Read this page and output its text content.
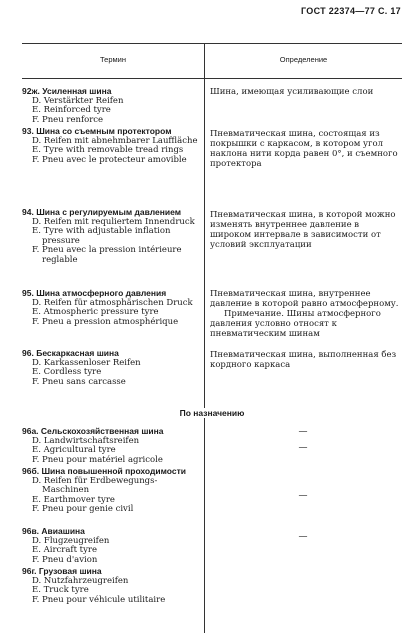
ГОСТ 22374—77 С. 17
Термин	Определение
92ж. Усиленная шина
D. Verstärkter Reifen
E. Reinforced tyre
F. Pneu renforce
Шина, имеющая усиливающие слои
93. Шина со съемным протектором
D. Reifen mit abnehmbarer Lauffläche
E. Tyre with removable tread rings
F. Pneu avec le protecteur amovible
Пневматическая шина, состоящая из покрышки с каркасом, в котором угол наклона нити корда равен 0°, и съемного протектора
94. Шина с регулируемым давлением
D. Reifen mit requliertem Innendruck
E. Tyre with adjustable inflation pressure
F. Pneu avec la pression intérieure reglable
Пневматическая шина, в которой можно изменять внутреннее давление в широком интервале в зависимости от условий эксплуатации
95. Шина атмосферного давления
D. Reifen für atmosphärischen Druck
E. Atmospheric pressure tyre
F. Pneu a pression atmosphérique
Пневматическая шина, внутреннее давление в которой равно атмосферному.
Примечание. Шины атмосферного давления условно относят к пневматическим шинам
96. Бескаркасная шина
D. Karkassenloser Reifen
E. Cordless tyre
F. Pneu sans carcasse
Пневматическая шина, выполненная без кордного каркаса
По назначению
96а. Сельскохозяйственная шина
D. Landwirtschaftsreifen
E. Agricultural tyre
F. Pneu pour matériel agricole
—
96б. Шина повышенной проходимости
D. Reifen für Erdbewegungs-Maschinen
E. Earthmover tyre
F. Pneu pour genie civil
—
96в. Авиашина
D. Flugzeugreifen
E. Aircraft tyre
F. Pneu d'avion
—
96г. Грузовая шина
D. Nutzfahrzeugreifen
E. Truck tyre
F. Pneu pour véhicule utilitaire
—
